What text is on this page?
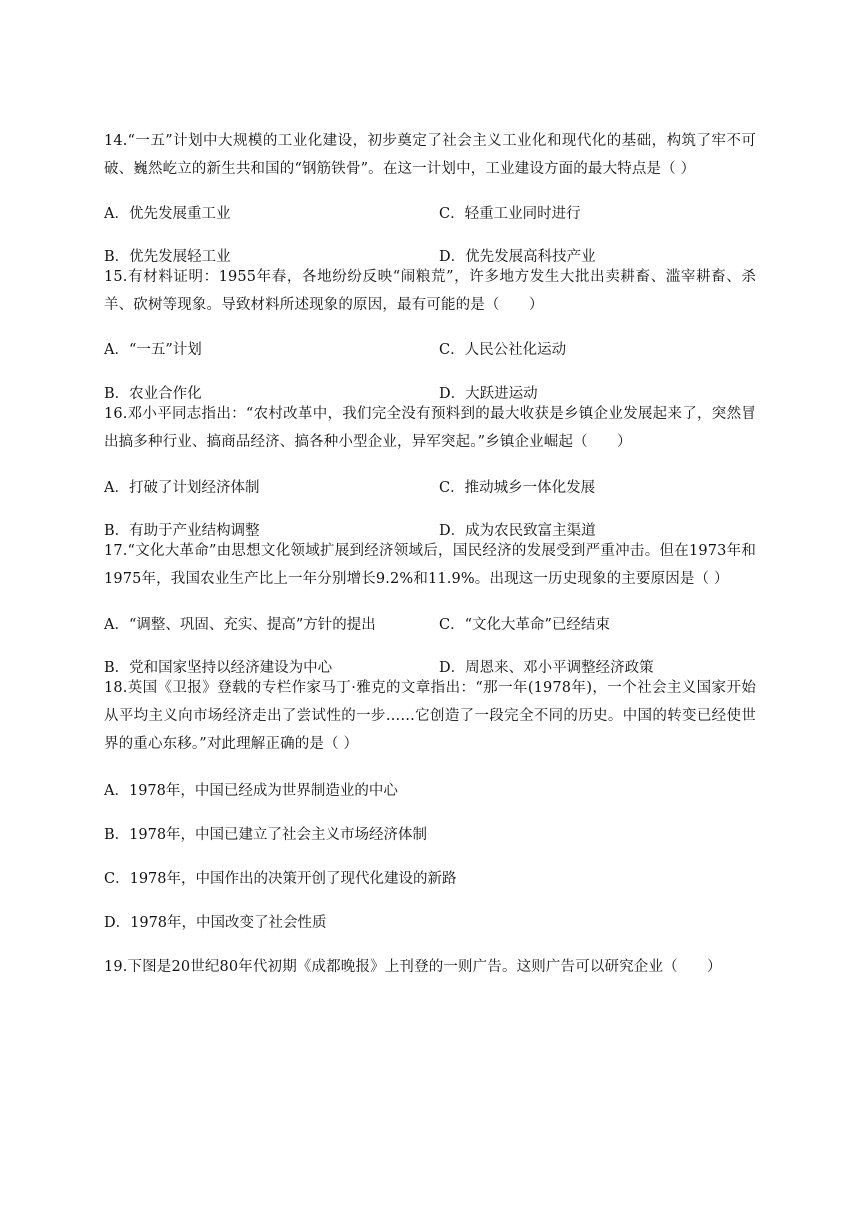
14.“一五”计划中大规模的工业化建设，初步奠定了社会主义工业化和现代化的基础，构筑了牢不可破、巍然屹立的新生共和国的“钢筋铁骨”。在这一计划中，工业建设方面的最大特点是（ ）
A．优先发展重工业	C．轻重工业同时进行
B．优先发展轻工业	D．优先发展高科技产业
15.有材料证明：1955年春，各地纷纷反映“闹粮荒”，许多地方发生大批出卖耕畜、滥宰耕畜、杀羊、砍树等现象。导致材料所述现象的原因，最有可能的是（　　）
A．“一五”计划	C．人民公社化运动
B．农业合作化	D．大跃进运动
16.邓小平同志指出：“农村改革中，我们完全没有预料到的最大收获是乡镇企业发展起来了，突然冒出搞多种行业、搞商品经济、搞各种小型企业，异军突起。”乡镇企业崛起（　　）
A．打破了计划经济体制	C．推动城乡一体化发展
B．有助于产业结构调整	D．成为农民致富主渠道
17.“文化大革命”由思想文化领域扩展到经济领域后，国民经济的发展受到严重冲击。但在1973年和1975年，我国农业生产比上一年分别增长9.2%和11.9%。出现这一历史现象的主要原因是（ ）
A．“调整、巩固、充实、提高”方针的提出	C．“文化大革命”已经结束
B．党和国家坚持以经济建设为中心	D．周恩来、邓小平调整经济政策
18.英国《卫报》登载的专栏作家马丁·雅克的文章指出：“那一年(1978年)，一个社会主义国家开始从平均主义向市场经济走出了尝试性的一步……它创造了一段完全不同的历史。中国的转变已经使世界的重心东移。”对此理解正确的是（ ）
A．1978年，中国已经成为世界制造业的中心
B．1978年，中国已建立了社会主义市场经济体制
C．1978年，中国作出的决策开创了现代化建设的新路
D．1978年，中国改变了社会性质
19.下图是20世纪80年代初期《成都晚报》上刊登的一则广告。这则广告可以研究企业（　　）
